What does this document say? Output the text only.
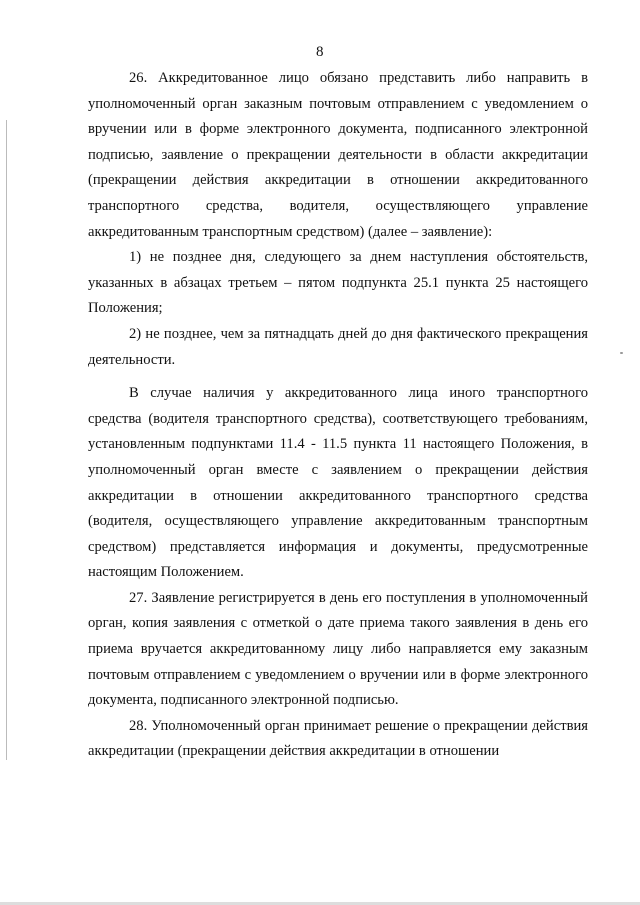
8

26. Аккредитованное лицо обязано представить либо направить в уполномоченный орган заказным почтовым отправлением с уведомлением о вручении или в форме электронного документа, подписанного электронной подписью, заявление о прекращении деятельности в области аккредитации (прекращении действия аккредитации в отношении аккредитованного транспортного средства, водителя, осуществляющего управление аккредитованным транспортным средством) (далее – заявление):

1) не позднее дня, следующего за днем наступления обстоятельств, указанных в абзацах третьем – пятом подпункта 25.1 пункта 25 настоящего Положения;

2) не позднее, чем за пятнадцать дней до дня фактического прекращения деятельности.

В случае наличия у аккредитованного лица иного транспортного средства (водителя транспортного средства), соответствующего требованиям, установленным подпунктами 11.4 - 11.5 пункта 11 настоящего Положения, в уполномоченный орган вместе с заявлением о прекращении действия аккредитации в отношении аккредитованного транспортного средства (водителя, осуществляющего управление аккредитованным транспортным средством) представляется информация и документы, предусмотренные настоящим Положением.

27. Заявление регистрируется в день его поступления в уполномоченный орган, копия заявления с отметкой о дате приема такого заявления в день его приема вручается аккредитованному лицу либо направляется ему заказным почтовым отправлением с уведомлением о вручении или в форме электронного документа, подписанного электронной подписью.

28. Уполномоченный орган принимает решение о прекращении действия аккредитации (прекращении действия аккредитации в отношении
